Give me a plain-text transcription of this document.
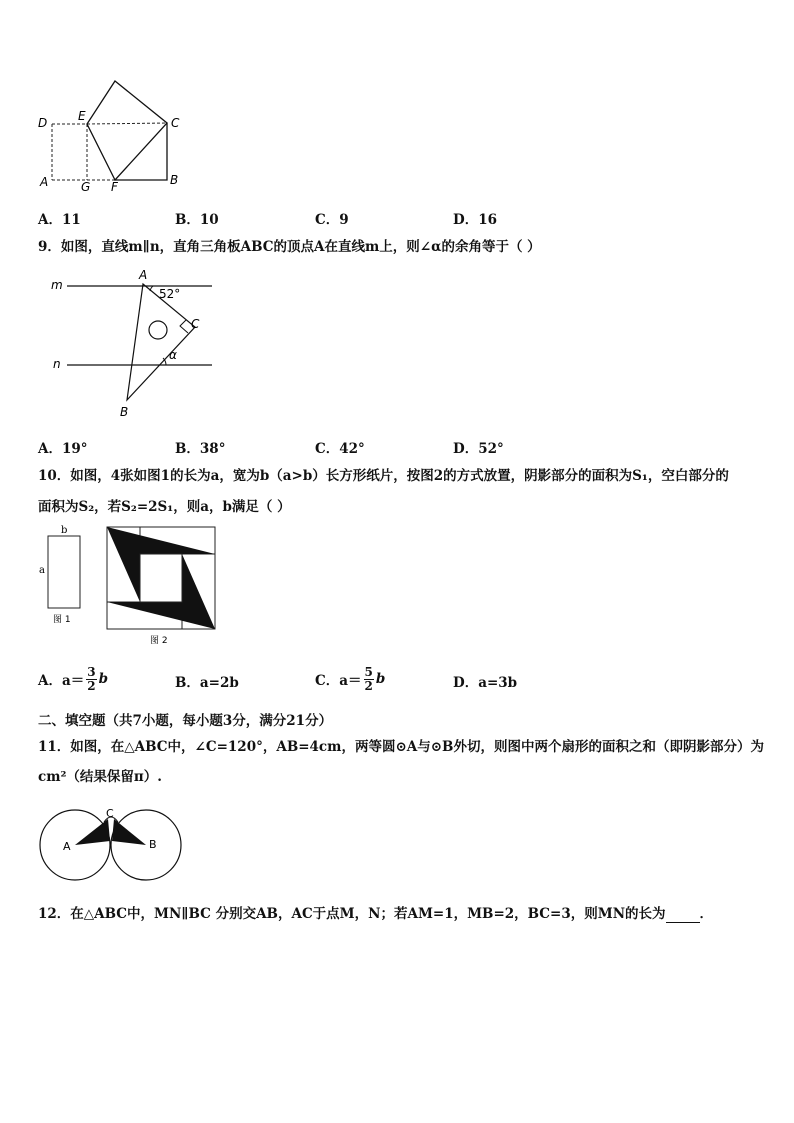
D	E	C
A	G F	B
A．11	B．10	C．9	D．16
9．如图，直线m∥n，直角三角板ABC的顶点A在直线m上，则∠α的余角等于（ ）
m
n
A
C
B
52°
α
A．19°	B．38°	C．42°	D．52°
10．如图，4张如图1的长为a，宽为b（a>b）长方形纸片，按图2的方式放置，阴影部分的面积为S₁，空白部分的
面积为S₂，若S₂=2S₁，则a，b满足（ ）
b
a
图 1
图 2
A．$a= \frac{3}{2}$ b	B．a=2b	C．$a= \frac{5}{2}$ b	D．a=3b
二、填空题（共7小题，每小题3分，满分21分）
11．如图，在△ABC中，∠C=120°，AB=4cm，两等圆⊙A与⊙B外切，则图中两个扇形的面积之和（即阴影部分）为
cm²（结果保留π）.
C
A	B
12．在△ABC中，MN∥BC 分别交AB，AC于点M，N；若AM=1，MB=2，BC=3，则MN的长为	．
